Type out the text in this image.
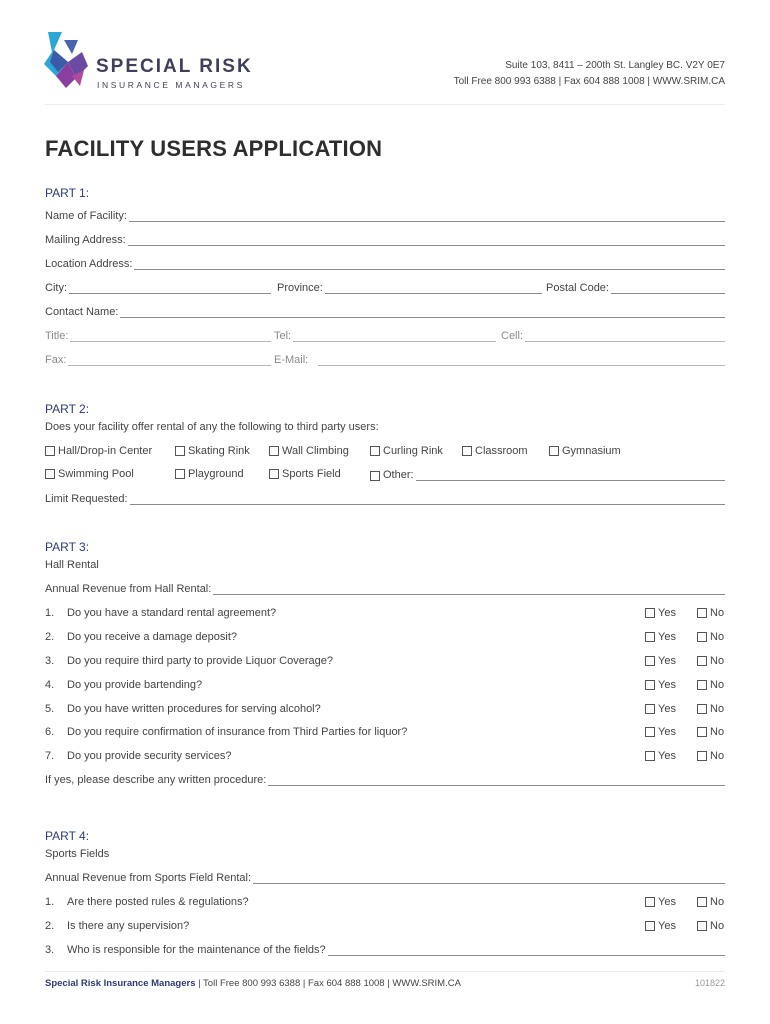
SPECIAL RISK
INSURANCE MANAGERS
Suite 103, 8411 – 200th St. Langley BC. V2Y 0E7
Toll Free 800 993 6388 | Fax 604 888 1008 | WWW.SRIM.CA
FACILITY USERS APPLICATION
PART 1:
Name of Facility:
Mailing Address:
Location Address:
City:	Province:	Postal Code:
Contact Name:
Title:	Tel:	Cell:
Fax:	E-Mail:
PART 2:
Does your facility offer rental of any the following to third party users:
Hall/Drop-in Center	Skating Rink	Wall Climbing	Curling Rink	Classroom	Gymnasium
Swimming Pool	Playground	Sports Field	Other:
Limit Requested:
PART 3:
Hall Rental
Annual Revenue from Hall Rental:
1. Do you have a standard rental agreement?	Yes	No
2. Do you receive a damage deposit?	Yes	No
3. Do you require third party to provide Liquor Coverage?	Yes	No
4. Do you provide bartending?	Yes	No
5. Do you have written procedures for serving alcohol?	Yes	No
6. Do you require confirmation of insurance from Third Parties for liquor?	Yes	No
7. Do you provide security services?	Yes	No
If yes, please describe any written procedure:
PART 4:
Sports Fields
Annual Revenue from Sports Field Rental:
1. Are there posted rules & regulations?	Yes	No
2. Is there any supervision?	Yes	No
3. Who is responsible for the maintenance of the fields?
Special Risk Insurance Managers | Toll Free 800 993 6388 | Fax 604 888 1008 | WWW.SRIM.CA	101822
